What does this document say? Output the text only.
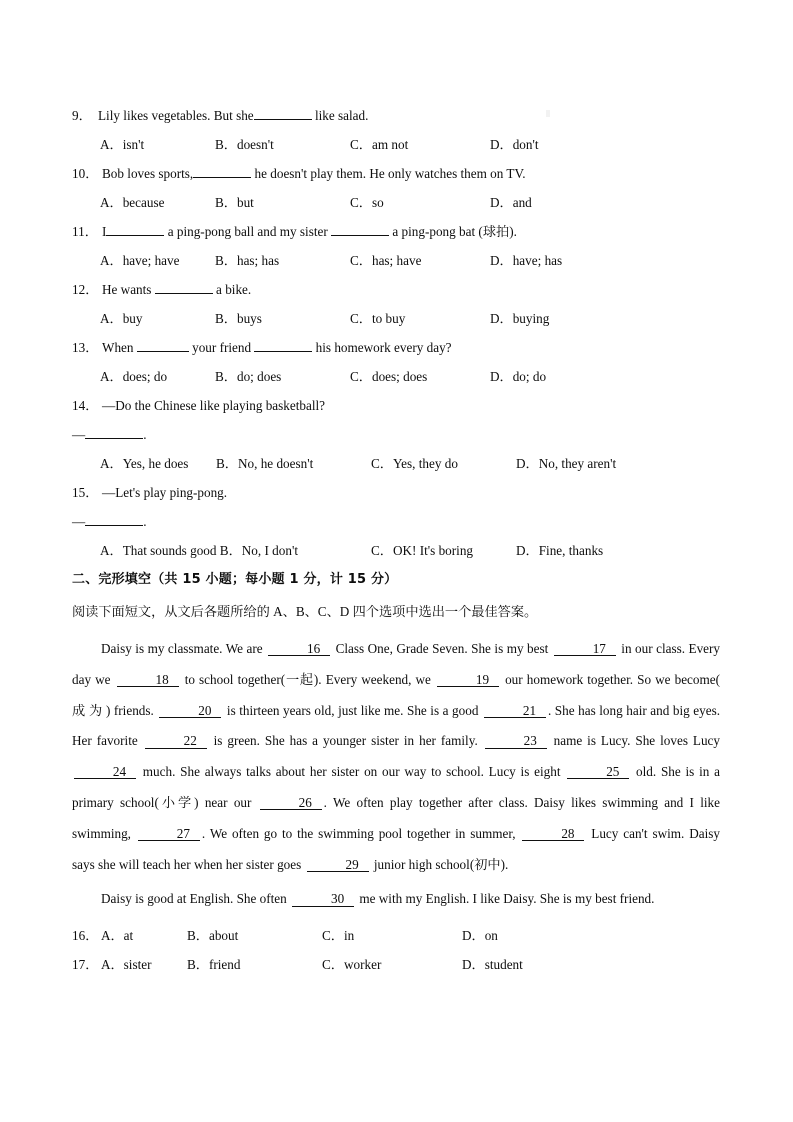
9． Lily likes vegetables. But she	like salad.
A．isn't	B．doesn't	C．am not	D．don't
10． Bob loves sports,	he doesn't play them. He only watches them on TV.
A．because	B．but	C．so	D．and
11． I	a ping-pong ball and my sister	a ping-pong bat (球拍).
A．have; have	B．has; has	C．has; have	D．have; has
12． He wants	a bike.
A．buy	B．buys	C．to buy	D．buying
13． When	your friend	his homework every day?
A．does; do	B．do; does	C．does; does	D．do; do
14． —Do the Chinese like playing basketball?
—	.
A．Yes, he does	B．No, he doesn't	C．Yes, they do	D．No, they aren't
15． —Let's play ping-pong.
—	.
A．That sounds good B．No, I don't	C．OK! It's boring	D．Fine, thanks
二、完形填空（共 15 小题；每小题 1 分，计 15 分）
阅读下面短文，从文后各题所给的 A、B、C、D 四个选项中选出一个最佳答案。

Daisy is my classmate. We are	16 Class One, Grade Seven. She is my best	17 in our class. Every day we	18 to school together(一起). Every weekend, we	19 our homework together. So we become( 成 为 ) friends.	20 is thirteen years old, just like me. She is a good	21 . She has long hair and big eyes. Her favorite	22 is green. She has a younger sister in her family.	23 name is Lucy. She loves Lucy 24 much. She always talks about her sister on our way to school. Lucy is eight	25 old. She is in a primary school(小学) near our	26 . We often play together after class. Daisy likes swimming and I like swimming,	27 . We often go to the swimming pool together in summer,	28 Lucy can't swim. Daisy says she will teach her when her sister goes	29 junior high school(初中).

Daisy is good at English. She often	30 me with my English. I like Daisy. She is my best friend.

16． A．at	B．about	C．in	D．on
17． A．sister	B．friend	C．worker	D．student
